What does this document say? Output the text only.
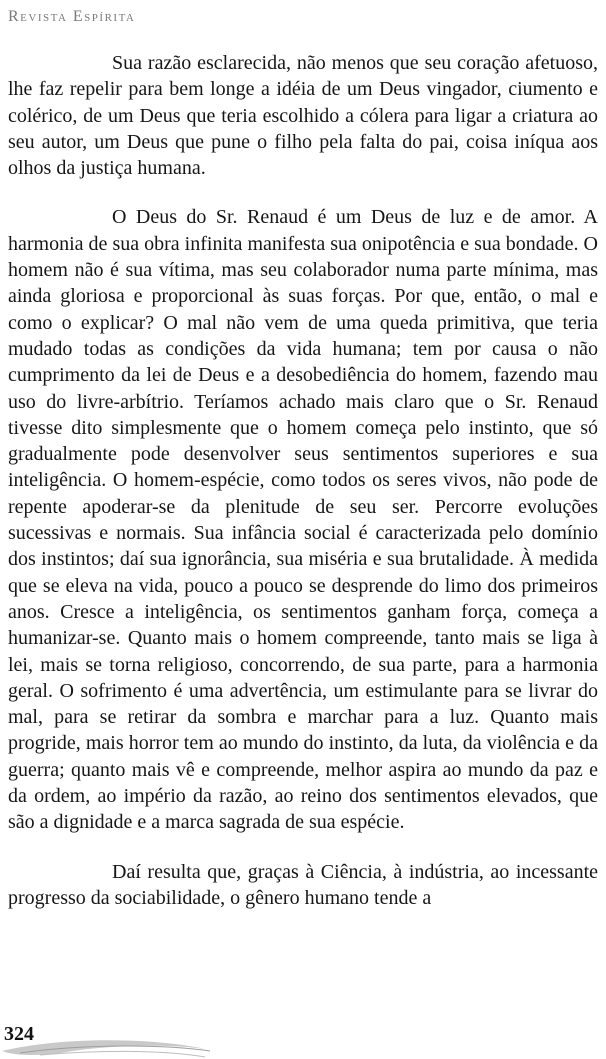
Revista Espírita

Sua razão esclarecida, não menos que seu coração afetuoso, lhe faz repelir para bem longe a idéia de um Deus vingador, ciumento e colérico, de um Deus que teria escolhido a cólera para ligar a criatura ao seu autor, um Deus que pune o filho pela falta do pai, coisa iníqua aos olhos da justiça humana.

O Deus do Sr. Renaud é um Deus de luz e de amor. A harmonia de sua obra infinita manifesta sua onipotência e sua bondade. O homem não é sua vítima, mas seu colaborador numa parte mínima, mas ainda gloriosa e proporcional às suas forças. Por que, então, o mal e como o explicar? O mal não vem de uma queda primitiva, que teria mudado todas as condições da vida humana; tem por causa o não cumprimento da lei de Deus e a desobediência do homem, fazendo mau uso do livre-arbítrio. Teríamos achado mais claro que o Sr. Renaud tivesse dito simplesmente que o homem começa pelo instinto, que só gradualmente pode desenvolver seus sentimentos superiores e sua inteligência. O homem-espécie, como todos os seres vivos, não pode de repente apoderar-se da plenitude de seu ser. Percorre evoluções sucessivas e normais. Sua infância social é caracterizada pelo domínio dos instintos; daí sua ignorância, sua miséria e sua brutalidade. À medida que se eleva na vida, pouco a pouco se desprende do limo dos primeiros anos. Cresce a inteligência, os sentimentos ganham força, começa a humanizar-se. Quanto mais o homem compreende, tanto mais se liga à lei, mais se torna religioso, concorrendo, de sua parte, para a harmonia geral. O sofrimento é uma advertência, um estimulante para se livrar do mal, para se retirar da sombra e marchar para a luz. Quanto mais progride, mais horror tem ao mundo do instinto, da luta, da violência e da guerra; quanto mais vê e compreende, melhor aspira ao mundo da paz e da ordem, ao império da razão, ao reino dos sentimentos elevados, que são a dignidade e a marca sagrada de sua espécie.

Daí resulta que, graças à Ciência, à indústria, ao incessante progresso da sociabilidade, o gênero humano tende a

324
